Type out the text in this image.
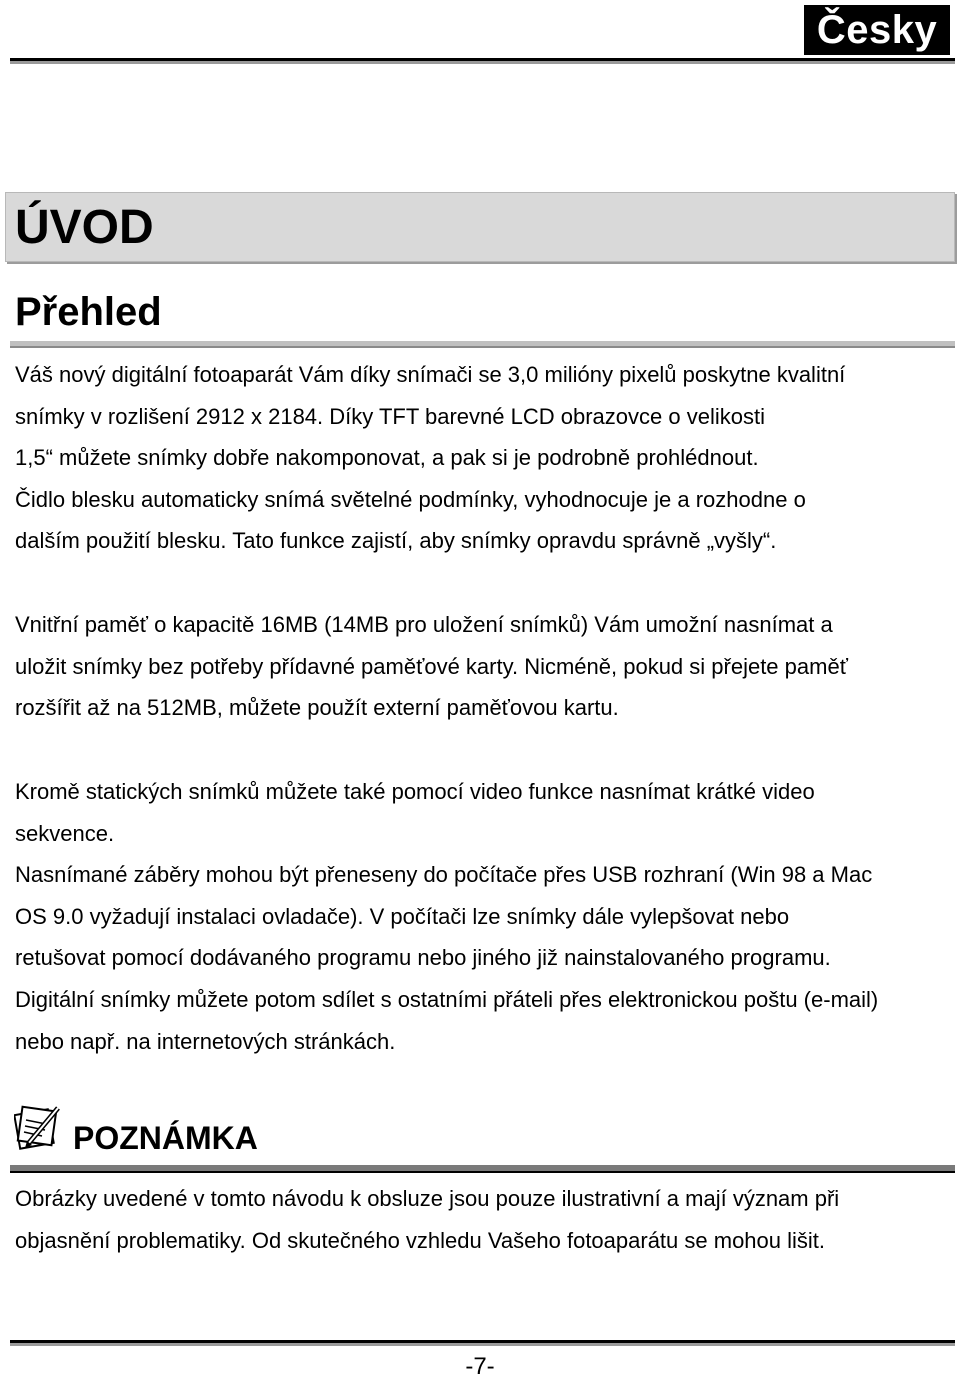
Česky
ÚVOD
Přehled
Váš nový digitální fotoaparát Vám díky snímači se 3,0 milióny pixelů poskytne kvalitní
snímky v rozlišení 2912 x 2184. Díky TFT barevné LCD obrazovce o velikosti
1,5“ můžete snímky dobře nakomponovat, a pak si je podrobně prohlédnout.
Čidlo blesku automaticky snímá světelné podmínky, vyhodnocuje je a rozhodne o
dalším použití blesku. Tato funkce zajistí, aby snímky opravdu správně „vyšly“.
Vnitřní paměť o kapacitě 16MB (14MB pro uložení snímků) Vám umožní nasnímat a
uložit snímky bez potřeby přídavné paměťové karty. Nicméně, pokud si přejete paměť
rozšířit až na 512MB, můžete použít externí paměťovou kartu.
Kromě statických snímků můžete také pomocí video funkce nasnímat krátké video
sekvence.
Nasnímané záběry mohou být přeneseny do počítače přes USB rozhraní (Win 98 a Mac
OS 9.0 vyžadují instalaci ovladače). V počítači lze snímky dále vylepšovat nebo
retušovat pomocí dodávaného programu nebo jiného již nainstalovaného programu.
Digitální snímky můžete potom sdílet s ostatními přáteli přes elektronickou poštu (e-mail)
nebo např. na internetových stránkách.
POZNÁMKA
Obrázky uvedené v tomto návodu k obsluze jsou pouze ilustrativní a mají význam při
objasnění problematiky. Od skutečného vzhledu Vašeho fotoaparátu se mohou lišit.
-7-
